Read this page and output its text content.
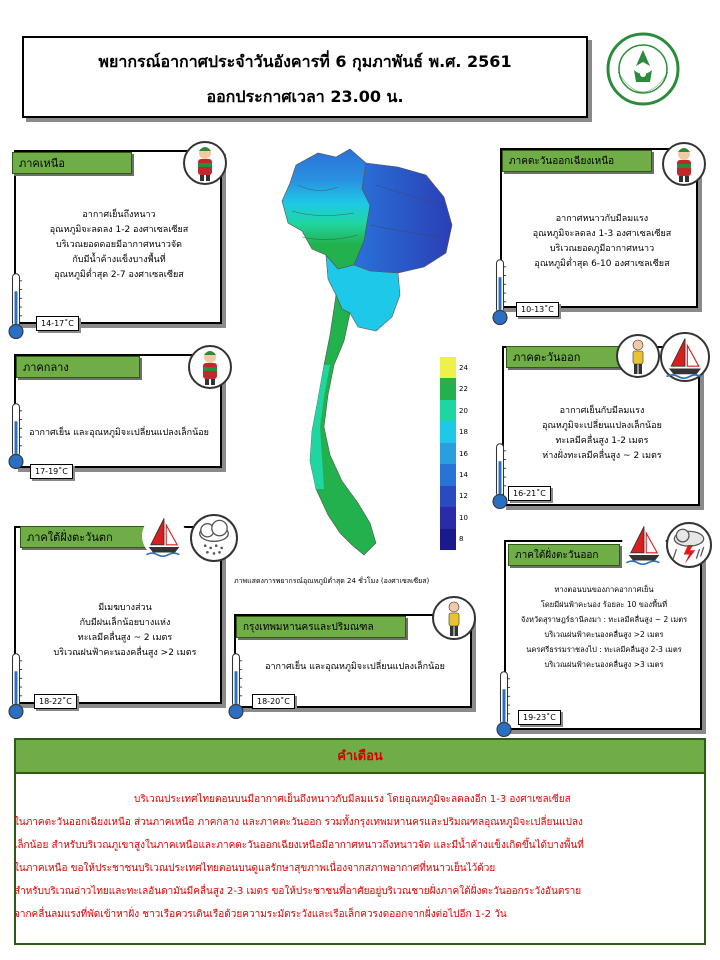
พยากรณ์อากาศประจำวันอังคารที่ 6 กุมภาพันธ์ พ.ศ. 2561
ออกประกาศเวลา 23.00 น.
ภาคเหนือ
อากาศเย็นถึงหนาว
อุณหภูมิจะลดลง 1-2 องศาเซลเซียส
บริเวณยอดดอยมีอากาศหนาวจัด
กับมีน้ำค้างแข็งบางพื้นที่
อุณหภูมิต่ำสุด 2-7 องศาเซลเซียส
14-17˚C
ภาคกลาง
อากาศเย็น และอุณหภูมิจะเปลี่ยนแปลงเล็กน้อย
17-19˚C
ภาคใต้ฝั่งตะวันตก
มีเมฆบางส่วน
กับมีฝนเล็กน้อยบางแห่ง
ทะเลมีคลื่นสูง ~ 2 เมตร
บริเวณฝนฟ้าคะนองคลื่นสูง >2 เมตร
18-22˚C
กรุงเทพมหานครและปริมณฑล
อากาศเย็น และอุณหภูมิจะเปลี่ยนแปลงเล็กน้อย
18-20˚C
ภาคตะวันออกเฉียงเหนือ
อากาศหนาวกับมีลมแรง
อุณหภูมิจะลดลง 1-3 องศาเซลเซียส
บริเวณยอดภูมีอากาศหนาว
อุณหภูมิต่ำสุด 6-10 องศาเซลเซียส
10-13˚C
ภาคตะวันออก
อากาศเย็นกับมีลมแรง
อุณหภูมิจะเปลี่ยนแปลงเล็กน้อย
ทะเลมีคลื่นสูง 1-2 เมตร
ห่างฝั่งทะเลมีคลื่นสูง ~ 2 เมตร
16-21˚C
ภาคใต้ฝั่งตะวันออก
ทางตอนบนของภาคอากาศเย็น
โดยมีฝนฟ้าคะนอง ร้อยละ 10 ของพื้นที่
จังหวัดสุราษฎร์ธานีลงมา : ทะเลมีคลื่นสูง ~ 2 เมตร
บริเวณฝนฟ้าคะนองคลื่นสูง >2 เมตร
นครศรีธรรมราชลงไป : ทะเลมีคลื่นสูง 2-3 เมตร
บริเวณฝนฟ้าคะนองคลื่นสูง >3 เมตร
19-23˚C
24
22
20
18
16
14
12
10
8
ภาพแสดงการพยากรณ์อุณหภูมิต่ำสุด 24 ชั่วโมง (องศาเซลเซียส)
คำเตือน

บริเวณประเทศไทยตอนบนมีอากาศเย็นถึงหนาวกับมีลมแรง โดยอุณหภูมิจะลดลงอีก 1-3 องศาเซลเซียส

ในภาคตะวันออกเฉียงเหนือ ส่วนภาคเหนือ ภาคกลาง และภาคตะวันออก รวมทั้งกรุงเทพมหานครและปริมณฑลอุณหภูมิจะเปลี่ยนแปลง

เล็กน้อย สำหรับบริเวณภูเขาสูงในภาคเหนือและภาคตะวันออกเฉียงเหนือมีอากาศหนาวถึงหนาวจัด และมีน้ำค้างแข็งเกิดขึ้นได้บางพื้นที่

ในภาคเหนือ ขอให้ประชาชนบริเวณประเทศไทยตอนบนดูแลรักษาสุขภาพเนื่องจากสภาพอากาศที่หนาวเย็นไว้ด้วย

สำหรับบริเวณอ่าวไทยและทะเลอันดามันมีคลื่นสูง 2-3 เมตร ขอให้ประชาชนที่อาศัยอยู่บริเวณชายฝั่งภาคใต้ฝั่งตะวันออกระวังอันตราย

จากคลื่นลมแรงที่พัดเข้าหาฝั่ง ชาวเรือควรเดินเรือด้วยความระมัดระวังและเรือเล็กควรงดออกจากฝั่งต่อไปอีก 1-2 วัน
